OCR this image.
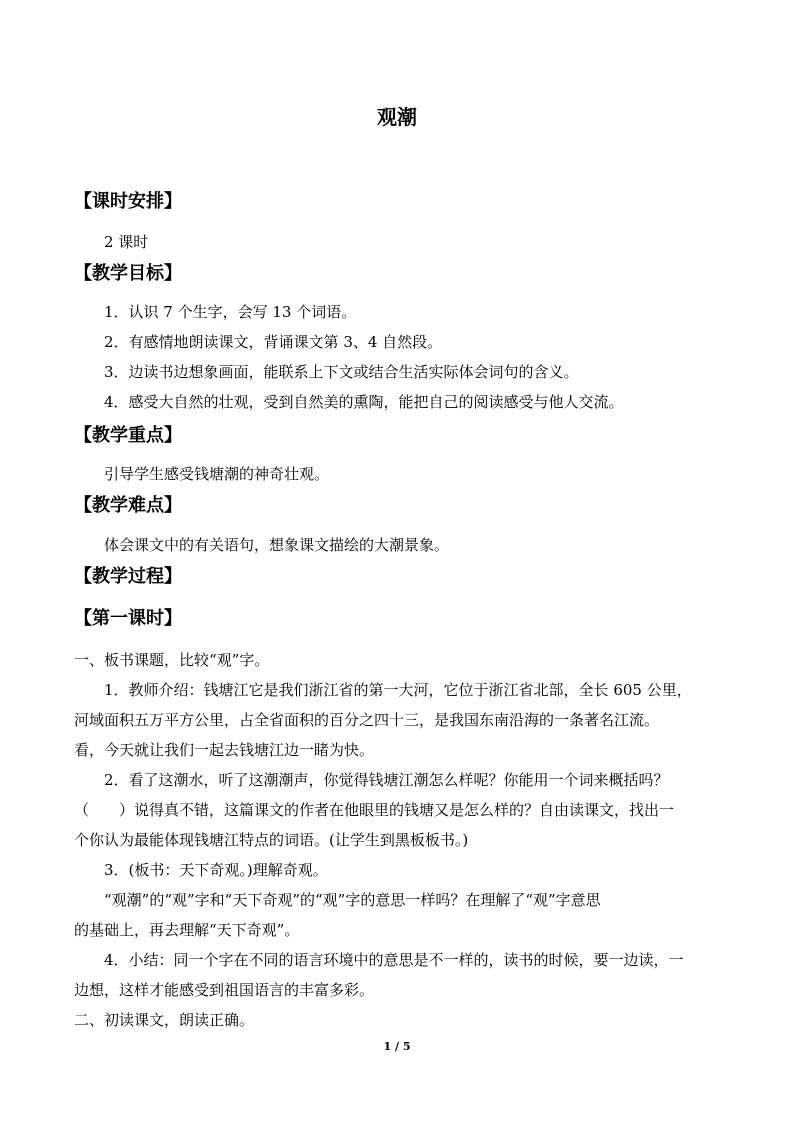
观潮
【课时安排】
2 课时
【教学目标】
1．认识 7 个生字，会写 13 个词语。
2．有感情地朗读课文，背诵课文第 3、4 自然段。
3．边读书边想象画面，能联系上下文或结合生活实际体会词句的含义。
4．感受大自然的壮观，受到自然美的熏陶，能把自己的阅读感受与他人交流。
【教学重点】
引导学生感受钱塘潮的神奇壮观。
【教学难点】
体会课文中的有关语句，想象课文描绘的大潮景象。
【教学过程】
【第一课时】
一、板书课题，比较“观”字。
1．教师介绍：钱塘江它是我们浙江省的第一大河，它位于浙江省北部，全长 605 公里，
河域面积五万平方公里，占全省面积的百分之四十三，是我国东南沿海的一条著名江流。
看，今天就让我们一起去钱塘江边一睹为快。
2．看了这潮水，听了这潮潮声，你觉得钱塘江潮怎么样呢？你能用一个词来概括吗？
（　　）说得真不错，这篇课文的作者在他眼里的钱塘又是怎么样的？自由读课文，找出一
个你认为最能体现钱塘江特点的词语。(让学生到黑板板书。)
3．(板书：天下奇观。)理解奇观。
“观潮”的“观”字和“天下奇观”的“观”字的意思一样吗？在理解了“观”字意思
的基础上，再去理解“天下奇观”。
4．小结：同一个字在不同的语言环境中的意思是不一样的，读书的时候，要一边读，一
边想，这样才能感受到祖国语言的丰富多彩。
二、初读课文，朗读正确。
1 / 5
